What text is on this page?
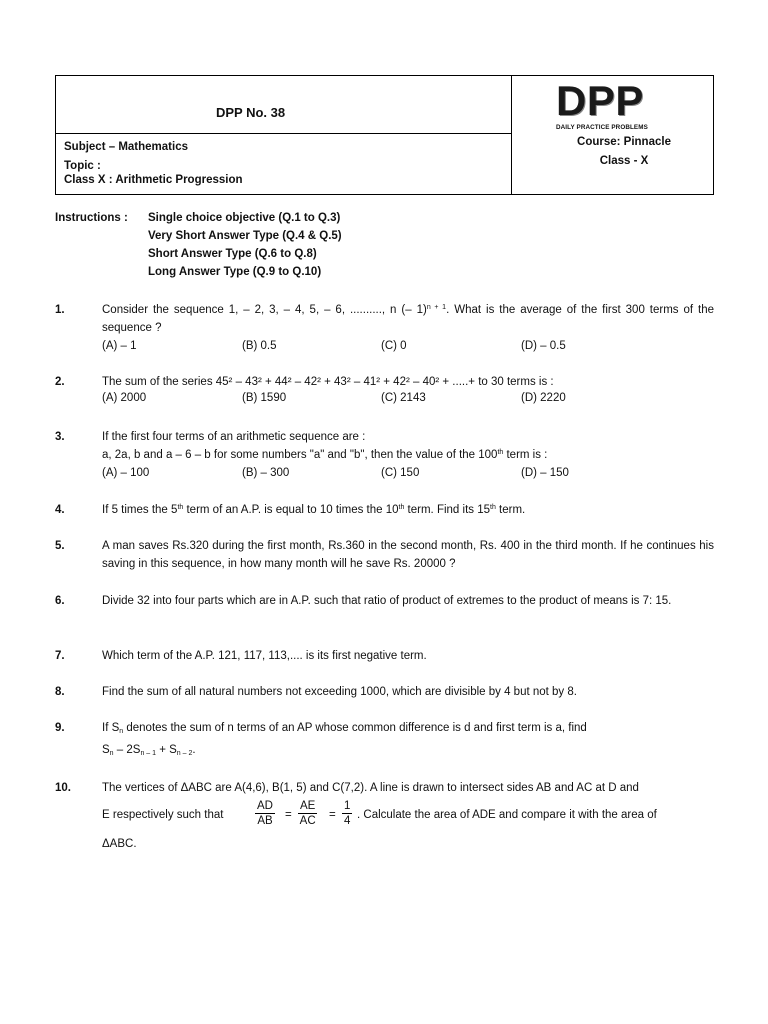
DPP No. 38
Subject – Mathematics
Topic :
Class X : Arithmetic Progression
DPP
DAILY PRACTICE PROBLEMS
Course: Pinnacle
Class - X
Instructions : Single choice objective (Q.1 to Q.3)
Very Short Answer Type (Q.4 & Q.5)
Short Answer Type (Q.6 to Q.8)
Long Answer Type (Q.9 to Q.10)
1.	Consider the sequence 1, – 2, 3, – 4, 5, – 6, .........., n (– 1)$^{n + 1}$. What is the average of the first 300 terms of the sequence ?
(A) – 1	(B) 0.5	(C) 0	(D) – 0.5
2.	The sum of the series 45² – 43² + 44² – 42² + 43² – 41² + 42² – 40² + .....+ to 30 terms is :
(A) 2000	(B) 1590	(C) 2143	(D) 2220
3.	If the first four terms of an arithmetic sequence are :
a, 2a, b and a – 6 – b for some numbers "a" and "b", then the value of the 100th term is :
(A) – 100	(B) – 300	(C) 150	(D) – 150
4.	If 5 times the 5th term of an A.P. is equal to 10 times the 10th term. Find its 15th term.
5.	A man saves Rs.320 during the first month, Rs.360 in the second month, Rs. 400 in the third month. If he continues his saving in this sequence, in how many month will he save Rs. 20000 ?
6.	Divide 32 into four parts which are in A.P. such that ratio of product of extremes to the product of means is 7: 15.
7.	Which term of the A.P. 121, 117, 113,.... is its first negative term.
8.	Find the sum of all natural numbers not exceeding 1000, which are divisible by 4 but not by 8.
9.	If $S_n$ denotes the sum of n terms of an AP whose common difference is d and first term is a, find
$S_n - 2S_{n - 1} + S_{n - 2}$.
10.	The vertices of ΔABC are A(4,6), B(1, 5) and C(7,2). A line is drawn to intersect sides AB and AC at D and
E respectively such that	$\frac{AD}{AB} = \frac{AE}{AC} = \frac{1}{4}$ . Calculate the area of ADE and compare it with the area of
ΔABC.
